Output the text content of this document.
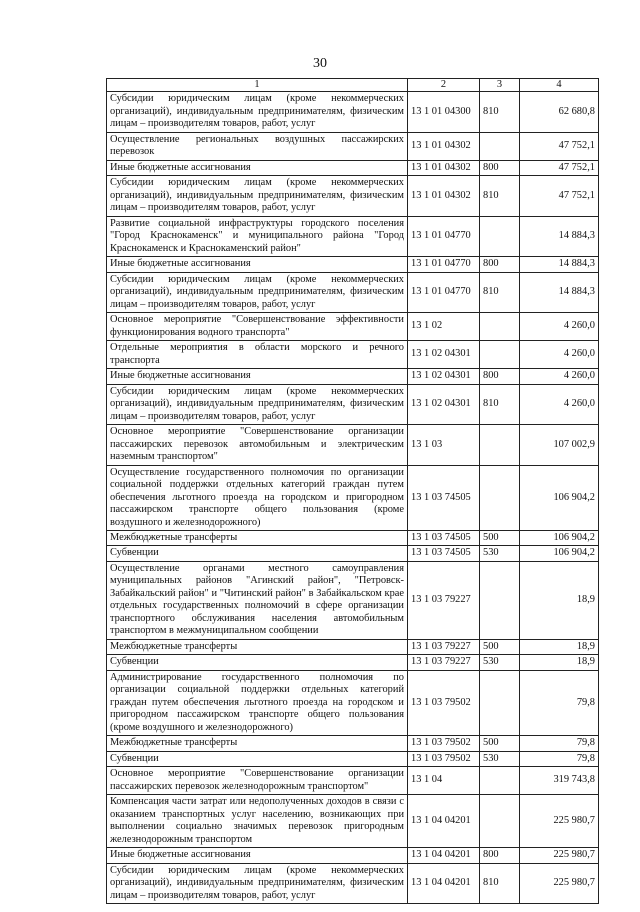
30
1	2	3	4
Субсидии юридическим лицам (кроме некоммерческих организаций), индивидуальным предпринимателям, физическим лицам – производителям товаров, работ, услуг	13 1 01 04300	810	62 680,8
Осуществление региональных воздушных пассажирских перевозок	13 1 01 04302		47 752,1
Иные бюджетные ассигнования	13 1 01 04302	800	47 752,1
Субсидии юридическим лицам (кроме некоммерческих организаций), индивидуальным предпринимателям, физическим лицам – производителям товаров, работ, услуг	13 1 01 04302	810	47 752,1
Развитие социальной инфраструктуры городского поселения "Город Краснокаменск" и муниципального района "Город Краснокаменск и Краснокаменский район"	13 1 01 04770		14 884,3
Иные бюджетные ассигнования	13 1 01 04770	800	14 884,3
Субсидии юридическим лицам (кроме некоммерческих организаций), индивидуальным предпринимателям, физическим лицам – производителям товаров, работ, услуг	13 1 01 04770	810	14 884,3
Основное мероприятие "Совершенствование эффективности функционирования водного транспорта"	13 1 02		4 260,0
Отдельные мероприятия в области морского и речного транспорта	13 1 02 04301		4 260,0
Иные бюджетные ассигнования	13 1 02 04301	800	4 260,0
Субсидии юридическим лицам (кроме некоммерческих организаций), индивидуальным предпринимателям, физическим лицам – производителям товаров, работ, услуг	13 1 02 04301	810	4 260,0
Основное мероприятие "Совершенствование организации пассажирских перевозок автомобильным и электрическим наземным транспортом"	13 1 03		107 002,9
Осуществление государственного полномочия по организации социальной поддержки отдельных категорий граждан путем обеспечения льготного проезда на городском и пригородном пассажирском транспорте общего пользования (кроме воздушного и железнодорожного)	13 1 03 74505		106 904,2
Межбюджетные трансферты	13 1 03 74505	500	106 904,2
Субвенции	13 1 03 74505	530	106 904,2
Осуществление органами местного самоуправления муниципальных районов "Агинский район", "Петровск-Забайкальский район" и "Читинский район" в Забайкальском крае отдельных государственных полномочий в сфере организации транспортного обслуживания населения автомобильным транспортом в межмуниципальном сообщении	13 1 03 79227		18,9
Межбюджетные трансферты	13 1 03 79227	500	18,9
Субвенции	13 1 03 79227	530	18,9
Администрирование государственного полномочия по организации социальной поддержки отдельных категорий граждан путем обеспечения льготного проезда на городском и пригородном пассажирском транспорте общего пользования (кроме воздушного и железнодорожного)	13 1 03 79502		79,8
Межбюджетные трансферты	13 1 03 79502	500	79,8
Субвенции	13 1 03 79502	530	79,8
Основное мероприятие "Совершенствование организации пассажирских перевозок железнодорожным транспортом"	13 1 04		319 743,8
Компенсация части затрат или недополученных доходов в связи с оказанием транспортных услуг населению, возникающих при выполнении социально значимых перевозок пригородным железнодорожным транспортом	13 1 04 04201		225 980,7
Иные бюджетные ассигнования	13 1 04 04201	800	225 980,7
Субсидии юридическим лицам (кроме некоммерческих организаций), индивидуальным предпринимателям, физическим лицам – производителям товаров, работ, услуг	13 1 04 04201	810	225 980,7
